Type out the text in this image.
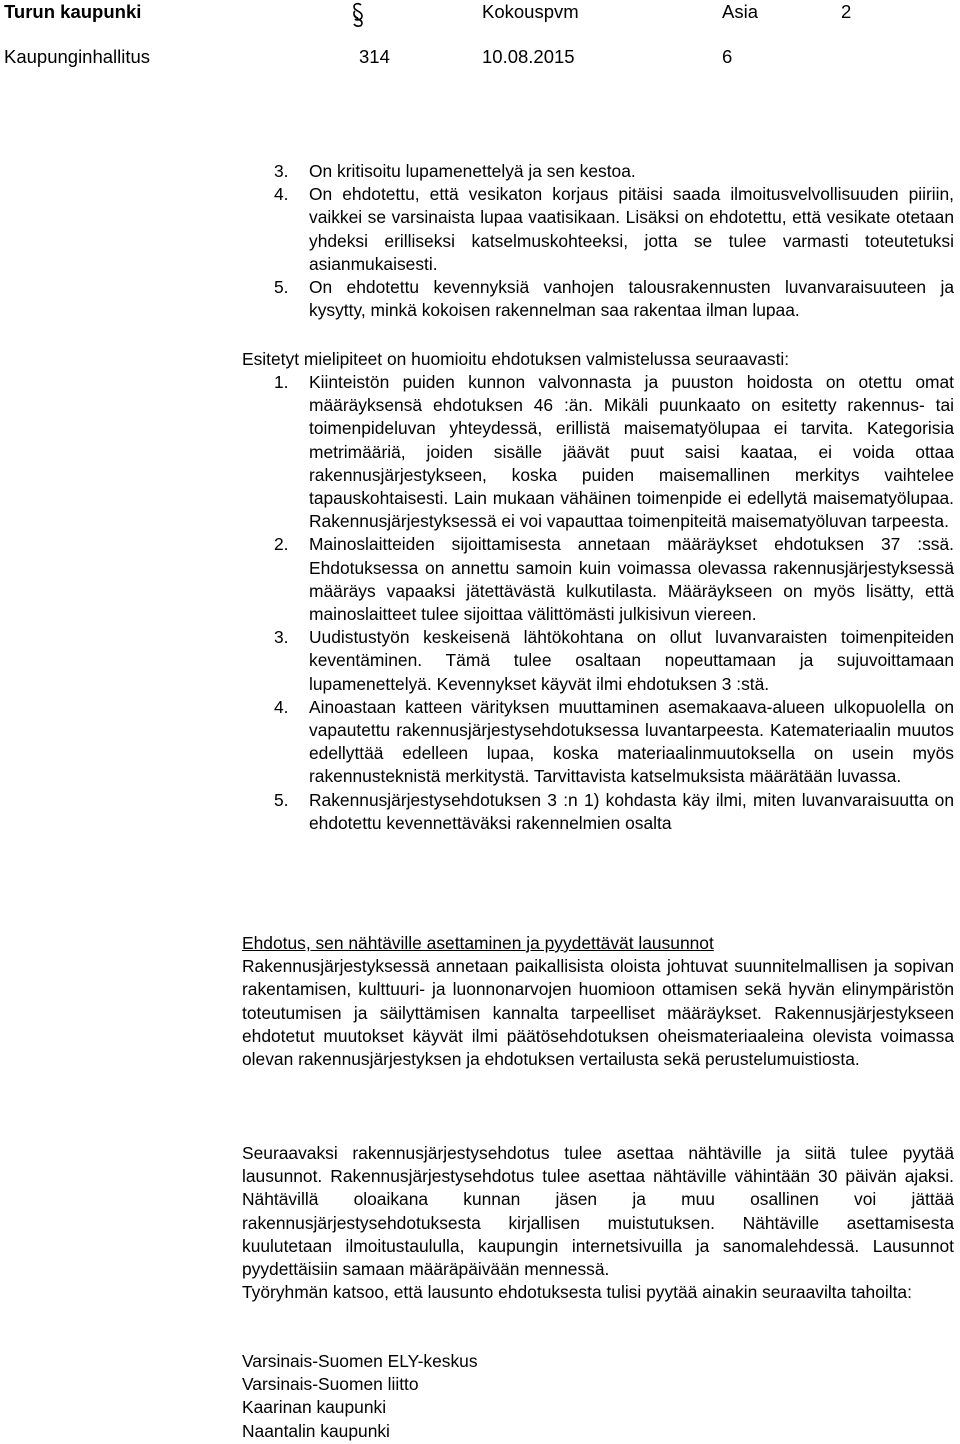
Turun kaupunki	Kokouspvm	Asia	2
Kaupunginhallitus	314	10.08.2015	6
3. On kritisoitu lupamenettelyä ja sen kestoa.
4. On ehdotettu, että vesikaton korjaus pitäisi saada ilmoitusvelvollisuuden piiriin, vaikkei se varsinaista lupaa vaatisikaan. Lisäksi on ehdotettu, että vesikate otetaan yhdeksi erilliseksi katselmuskohteeksi, jotta se tulee varmasti toteutetuksi asianmukaisesti.
5. On ehdotettu kevennyksiä vanhojen talousrakennusten luvanvaraisuuteen ja kysytty, minkä kokoisen rakennelman saa rakentaa ilman lupaa.

Esitetyt mielipiteet on huomioitu ehdotuksen valmistelussa seuraavasti:

1. Kiinteistön puiden kunnon valvonnasta ja puuston hoidosta on otettu omat määräyksensä ehdotuksen 46 :än. Mikäli puunkaato on esitetty rakennus- tai toimenpideluvan yhteydessä, erillistä maisematyölupaa ei tarvita. Kategorisia metrimääriä, joiden sisälle jäävät puut saisi kaataa, ei voida ottaa rakennusjärjestykseen, koska puiden maisemallinen merkitys vaihtelee tapauskohtaisesti. Lain mukaan vähäinen toimenpide ei edellytä maisematyölupaa. Rakennusjärjestyksessä ei voi vapauttaa toimenpiteitä maisematyöluvan tarpeesta.
2. Mainoslaitteiden sijoittamisesta annetaan määräykset ehdotuksen 37 :ssä. Ehdotuksessa on annettu samoin kuin voimassa olevassa rakennusjärjestyksessä määräys vapaaksi jätettävästä kulkutilasta. Määräykseen on myös lisätty, että mainoslaitteet tulee sijoittaa välittömästi julkisivun viereen.
3. Uudistustyön keskeisenä lähtökohtana on ollut luvanvaraisten toimenpiteiden keventäminen. Tämä tulee osaltaan nopeuttamaan ja sujuvoittamaan lupamenettelyä. Kevennykset käyvät ilmi ehdotuksen 3 :stä.
4. Ainoastaan katteen värityksen muuttaminen asemakaava-alueen ulkopuolella on vapautettu rakennusjärjestysehdotuksessa luvantarpeesta. Katemateriaalin muutos edellyttää edelleen lupaa, koska materiaalinmuutoksella on usein myös rakennusteknistä merkitystä. Tarvittavista katselmuksista määrätään luvassa.
5. Rakennusjärjestysehdotuksen 3 :n 1) kohdasta käy ilmi, miten luvanvaraisuutta on ehdotettu kevennettäväksi rakennelmien osalta
Ehdotus, sen nähtäville asettaminen ja pyydettävät lausunnot
Rakennusjärjestyksessä annetaan paikallisista oloista johtuvat suunnitelmallisen ja sopivan rakentamisen, kulttuuri- ja luonnonarvojen huomioon ottamisen sekä hyvän elinympäristön toteutumisen ja säilyttämisen kannalta tarpeelliset määräykset. Rakennusjärjestykseen ehdotetut muutokset käyvät ilmi päätösehdotuksen oheismateriaaleina olevista voimassa olevan rakennusjärjestyksen ja ehdotuksen vertailusta sekä perustelumuistiosta.

Seuraavaksi rakennusjärjestysehdotus tulee asettaa nähtäville ja siitä tulee pyytää lausunnot. Rakennusjärjestysehdotus tulee asettaa nähtäville vähintään 30 päivän ajaksi. Nähtävillä oloaikana kunnan jäsen ja muu osallinen voi jättää rakennusjärjestysehdotuksesta kirjallisen muistutuksen. Nähtäville asettamisesta kuulutetaan ilmoitustaululla, kaupungin internetsivuilla ja sanomalehdessä. Lausunnot pyydettäisiin samaan määräpäivään mennessä.

Työryhmän katsoo, että lausunto ehdotuksesta tulisi pyytää ainakin seuraavilta tahoilta:

Varsinais-Suomen ELY-keskus
Varsinais-Suomen liitto
Kaarinan kaupunki
Naantalin kaupunki
